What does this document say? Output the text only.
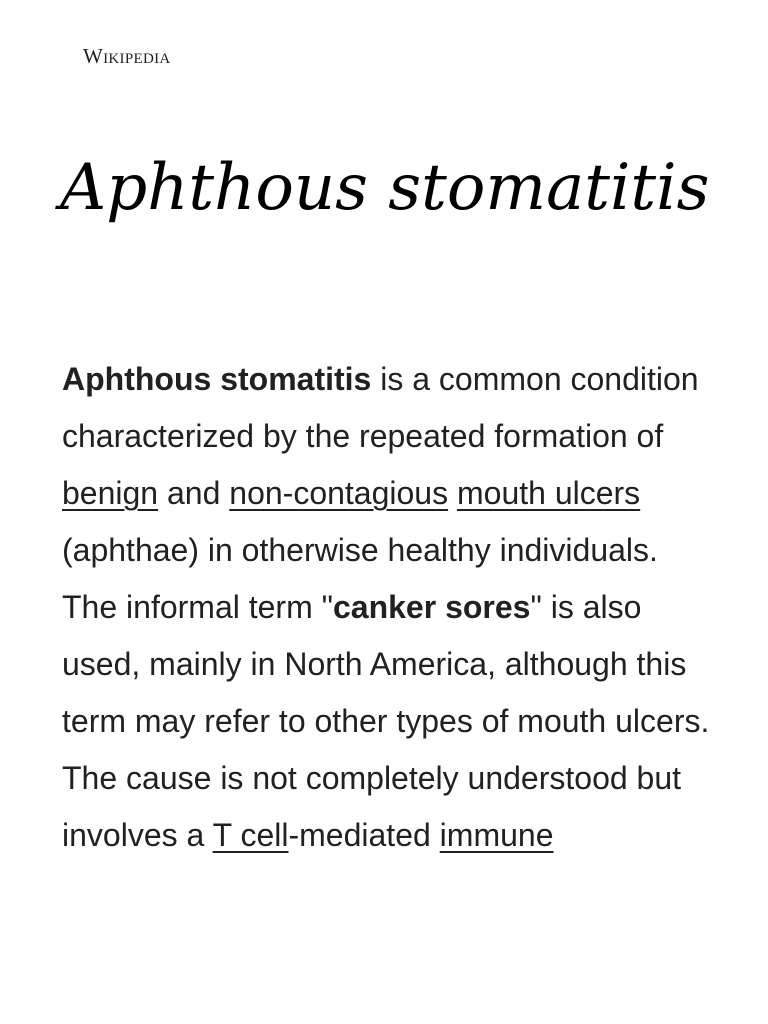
Wikipedia
Aphthous stomatitis

Aphthous stomatitis is a common condition characterized by the repeated formation of benign and non-contagious mouth ulcers (aphthae) in otherwise healthy individuals. The informal term "canker sores" is also used, mainly in North America, although this term may refer to other types of mouth ulcers. The cause is not completely understood but involves a T cell-mediated immune
